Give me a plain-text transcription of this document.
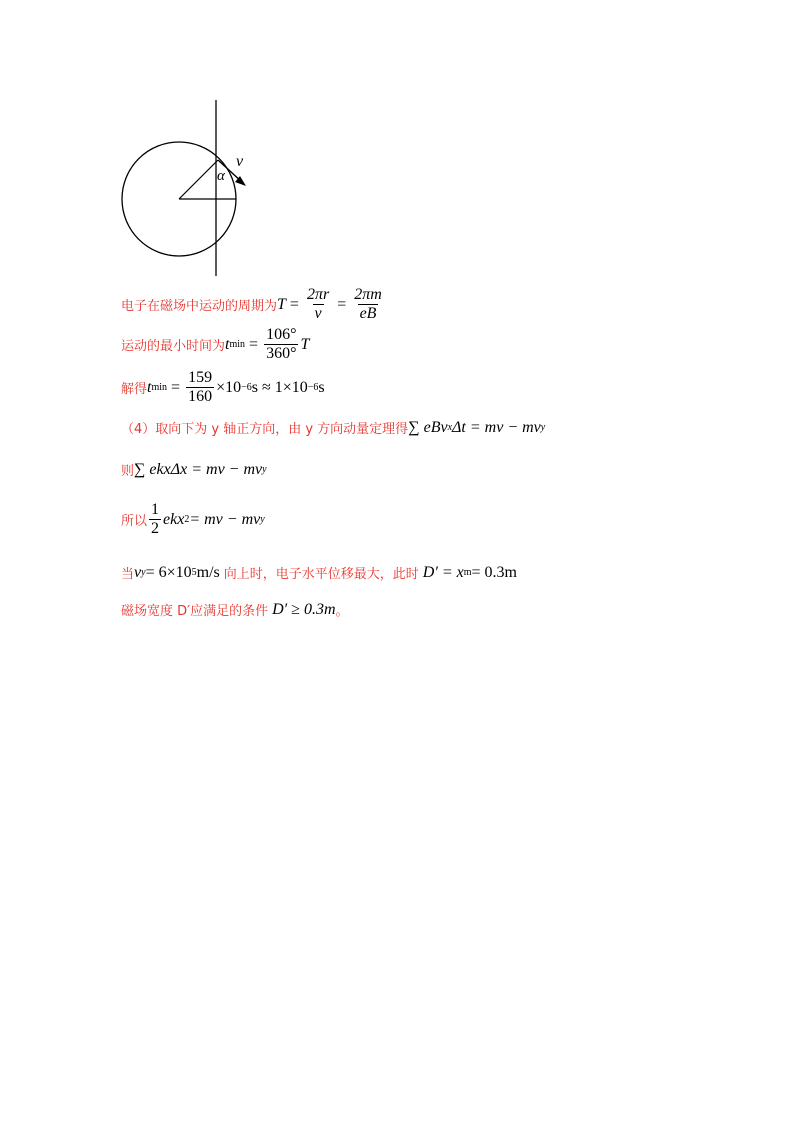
v
α
电子在磁场中运动的周期为 $T = \frac{2\pi r}{v} = \frac{2\pi m}{eB}$
运动的最小时间为 t $\min = \frac{106^\circ}{360^\circ}$ T
解得 t $\min = \frac{159}{160} \times 10 -6$ s ≈ 1×10 −6 s
（4）取向下为 y 轴正方向，由 y 方向动量定理得 ∑ eBv x Δt = mv − mv y
则 ∑ ekxΔx = mv − mv y
所以 $\frac{1}{2}$ ekx 2 = mv − mv y
当 v y = 6×10 5 m/s 向上时，电子水平位移最大，此时 D′ = x m = 0.3m
磁场宽度 D′应满足的条件 D′ ≥ 0.3m 。
